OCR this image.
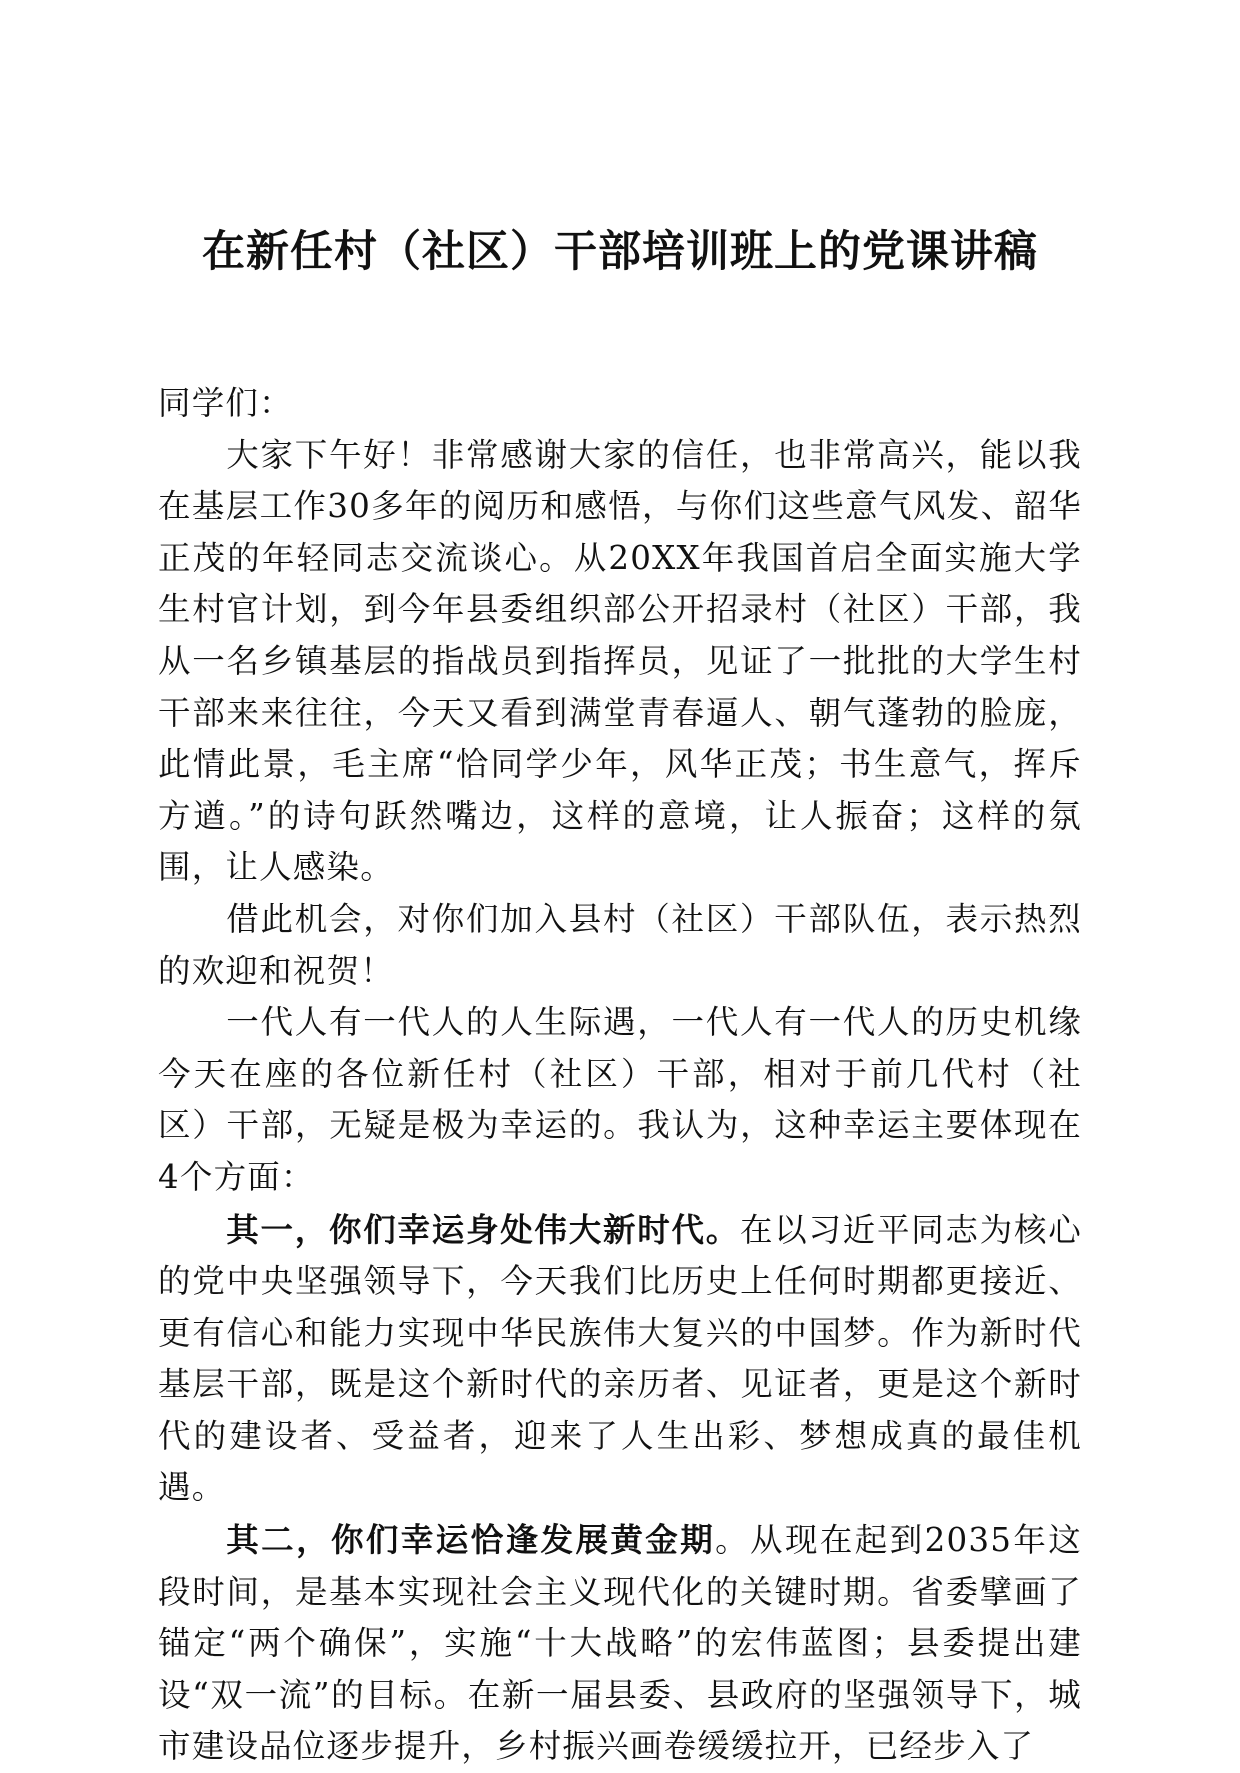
在新任村（社区）干部培训班上的党课讲稿

同学们：

大家下午好！非常感谢大家的信任，也非常高兴，能以我在基层工作30多年的阅历和感悟，与你们这些意气风发、韶华正茂的年轻同志交流谈心。从20XX年我国首启全面实施大学生村官计划，到今年县委组织部公开招录村（社区）干部，我从一名乡镇基层的指战员到指挥员，见证了一批批的大学生村干部来来往往，今天又看到满堂青春逼人、朝气蓬勃的脸庞，此情此景，毛主席“恰同学少年，风华正茂；书生意气，挥斥方遒。”的诗句跃然嘴边，这样的意境，让人振奋；这样的氛围，让人感染。

借此机会，对你们加入县村（社区）干部队伍，表示热烈的欢迎和祝贺！

一代人有一代人的人生际遇，一代人有一代人的历史机缘今天在座的各位新任村（社区）干部，相对于前几代村（社区）干部，无疑是极为幸运的。我认为，这种幸运主要体现在4个方面：

其一，你们幸运身处伟大新时代。在以习近平同志为核心的党中央坚强领导下，今天我们比历史上任何时期都更接近、更有信心和能力实现中华民族伟大复兴的中国梦。作为新时代基层干部，既是这个新时代的亲历者、见证者，更是这个新时代的建设者、受益者，迎来了人生出彩、梦想成真的最佳机遇。

其二，你们幸运恰逢发展黄金期。从现在起到2035年这段时间，是基本实现社会主义现代化的关键时期。省委擘画了锚定“两个确保”，实施“十大战略”的宏伟蓝图；县委提出建设“双一流”的目标。在新一届县委、县政府的坚强领导下，城市建设品位逐步提升，乡村振兴画卷缓缓拉开，已经步入了
